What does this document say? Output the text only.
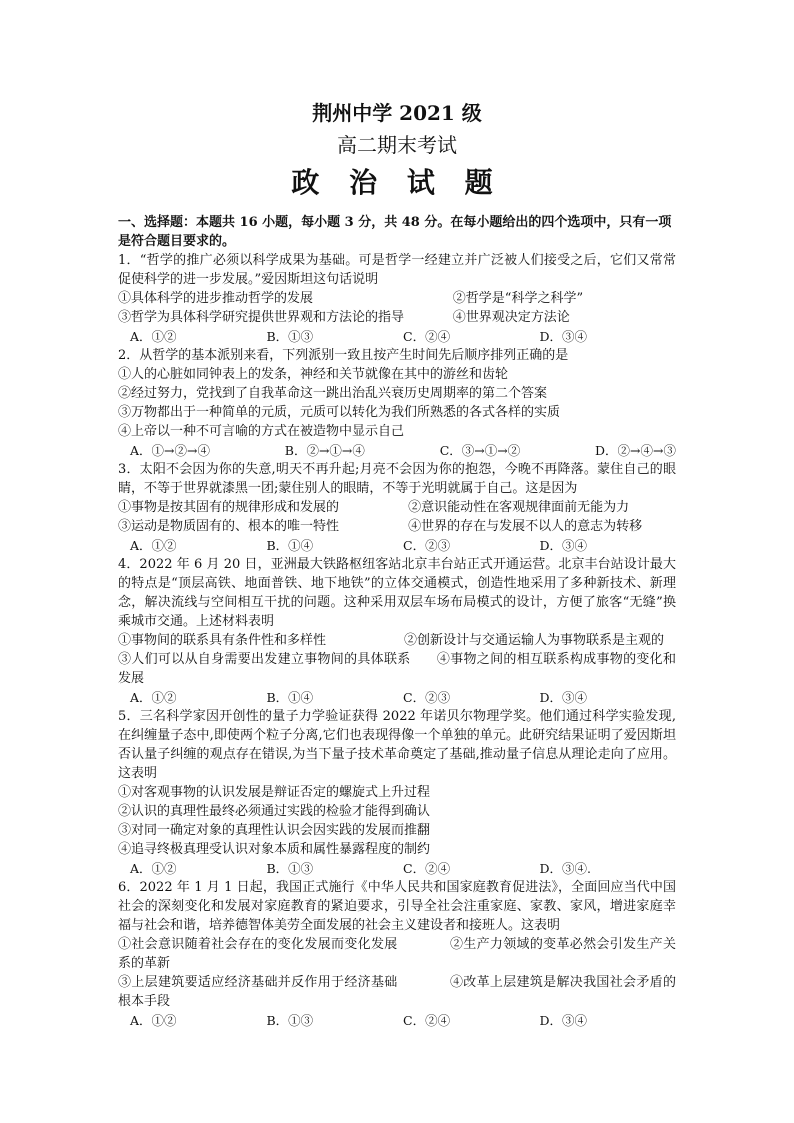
荆州中学 2021 级
高二期末考试
政 治 试 题
一、选择题：本题共 16 小题，每小题 3 分，共 48 分。在每小题给出的四个选项中，只有一项是符合题目要求的。
1．“哲学的推广必须以科学成果为基础。可是哲学一经建立并广泛被人们接受之后，它们又常常促使科学的进一步发展。”爱因斯坦这句话说明
①具体科学的进步推动哲学的发展	②哲学是“科学之科学”
③哲学为具体科学研究提供世界观和方法论的指导	④世界观决定方法论
A．①②	B．①③	C．②④	D．③④
2．从哲学的基本派别来看，下列派别一致且按产生时间先后顺序排列正确的是
①人的心脏如同钟表上的发条，神经和关节就像在其中的游丝和齿轮
②经过努力，党找到了自我革命这一跳出治乱兴衰历史周期率的第二个答案
③万物都出于一种简单的元质，元质可以转化为我们所熟悉的各式各样的实质
④上帝以一种不可言喻的方式在被造物中显示自己
A．①→②→④	B．②→①→④	C．③→①→②	D．②→④→③
3．太阳不会因为你的失意,明天不再升起;月亮不会因为你的抱怨，今晚不再降落。蒙住自己的眼睛，不等于世界就漆黑一团;蒙住别人的眼睛，不等于光明就属于自己。这是因为
①事物是按其固有的规律形成和发展的	②意识能动性在客观规律面前无能为力
③运动是物质固有的、根本的唯一特性	④世界的存在与发展不以人的意志为转移
A．①②	B．①④	C．②③	D．③④
4．2022 年 6 月 20 日，亚洲最大铁路枢纽客站北京丰台站正式开通运营。北京丰台站设计最大的特点是“顶层高铁、地面普铁、地下地铁”的立体交通模式，创造性地采用了多种新技术、新理念，解决流线与空间相互干扰的问题。这种采用双层车场布局模式的设计，方便了旅客“无缝”换乘城市交通。上述材料表明
①事物间的联系具有条件性和多样性      	②创新设计与交通运输人为事物联系是主观的
③人们可以从自身需要出发建立事物间的具体联系   ④事物之间的相互联系构成事物的变化和发展
A．①②	B．①④	C．②③	D．③④
5．三名科学家因开创性的量子力学验证获得 2022 年诺贝尔物理学奖。他们通过科学实验发现,在纠缠量子态中,即使两个粒子分离,它们也表现得像一个单独的单元。此研究结果证明了爱因斯坦否认量子纠缠的观点存在错误,为当下量子技术革命奠定了基础,推动量子信息从理论走向了应用。这表明
①对客观事物的认识发展是辩证否定的螺旋式上升过程
②认识的真理性最终必须通过实践的检验才能得到确认
③对同一确定对象的真理性认识会因实践的发展而推翻
④追寻终极真理受认识对象本质和属性暴露程度的制约
A．①②	B．①③	C．②④	D．③④.
6．2022 年 1 月 1 日起，我国正式施行《中华人民共和国家庭教育促进法》，全面回应当代中国社会的深刻变化和发展对家庭教育的紧迫要求，引导全社会注重家庭、家教、家风，增进家庭幸福与社会和谐，培养德智体美劳全面发展的社会主义建设者和接班人。这表明
①社会意识随着社会存在的变化发展而变化发展    	②生产力领域的变革必然会引发生产关系的革新
③上层建筑要适应经济基础并反作用于经济基础    	④改革上层建筑是解决我国社会矛盾的根本手段
A．①②	B．①③	C．②④	D．③④
